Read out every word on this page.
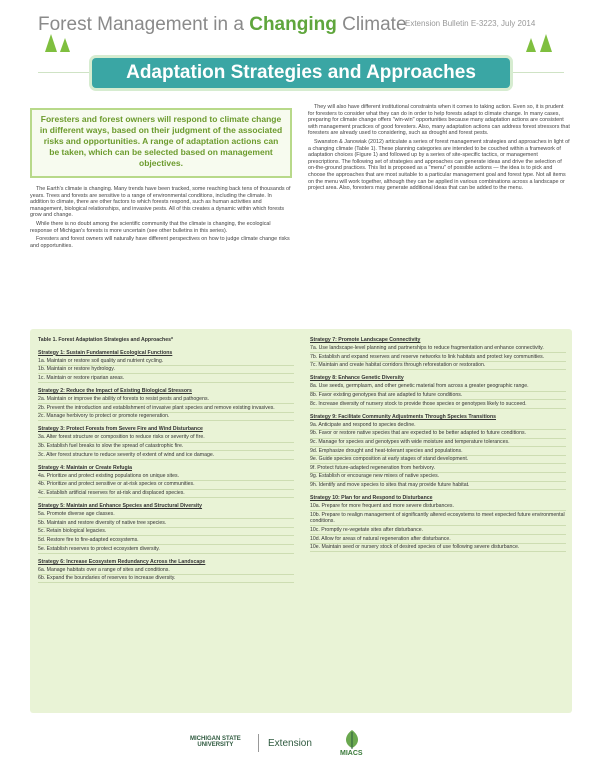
Forest Management in a Changing Climate
Extension Bulletin E-3223, July 2014
Adaptation Strategies and Approaches
Foresters and forest owners will respond to climate change in different ways, based on their judgment of the associated risks and opportunities. A range of adaptation actions can be taken, which can be selected based on management objectives.

The Earth's climate is changing. Many trends have been tracked, some reaching back tens of thousands of years. Trees and forests are sensitive to a range of environmental conditions, including the climate. In addition to climate, there are other factors to which forests respond, such as human activities and management, biological relationships, and invasive pests. All of this creates a dynamic within which forests grow and change.

While there is no doubt among the scientific community that the climate is changing, the ecological response of Michigan's forests is more uncertain (see other bulletins in this series).

Foresters and forest owners will naturally have different perspectives on how to judge climate change risks and opportunities.

They will also have different institutional constraints when it comes to taking action. Even so, it is prudent for foresters to consider what they can do in order to help forests adapt to climate change. In many cases, preparing for climate change offers "win-win" opportunities because many adaptation actions are consistent with management practices of good foresters. Also, many adaptation actions can address forest stressors that foresters are already used to considering, such as drought and forest pests.

Swanston & Janowiak (2012) articulate a series of forest management strategies and approaches in light of a changing climate (Table 1). These planning categories are intended to be couched within a framework of adaptation choices (Figure 1) and followed up by a series of site-specific tactics, or management prescriptions. The following set of strategies and approaches can generate ideas and drive the selection of on-the-ground practices. This list is proposed as a "menu" of possible actions — the idea is to pick and choose the approaches that are most suitable to a particular management goal and forest type. Not all items on the menu will work together, although they can be applied in various combinations across a landscape or project area. Also, foresters may generate additional ideas that can be added to the menu.

Table 1. Forest Adaptation Strategies and Approaches*
Strategy 1: Sustain Fundamental Ecological Functions
1a. Maintain or restore soil quality and nutrient cycling.
1b. Maintain or restore hydrology.
1c. Maintain or restore riparian areas.
Strategy 2: Reduce the Impact of Existing Biological Stressors
2a. Maintain or improve the ability of forests to resist pests and pathogens.
2b. Prevent the introduction and establishment of invasive plant species and remove existing invasives.
2c. Manage herbivory to protect or promote regeneration.
Strategy 3: Protect Forests from Severe Fire and Wind Disturbance
3a. Alter forest structure or composition to reduce risks or severity of fire.
3b. Establish fuel breaks to slow the spread of catastrophic fire.
3c. Alter forest structure to reduce severity of extent of wind and ice damage.
Strategy 4: Maintain or Create Refugia
4a. Prioritize and protect existing populations on unique sites.
4b. Prioritize and protect sensitive or at-risk species or communities.
4c. Establish artificial reserves for at-risk and displaced species.
Strategy 5: Maintain and Enhance Species and Structural Diversity
5a. Promote diverse age classes.
5b. Maintain and restore diversity of native tree species.
5c. Retain biological legacies.
5d. Restore fire to fire-adapted ecosystems.
5e. Establish reserves to protect ecosystem diversity.
Strategy 6: Increase Ecosystem Redundancy Across the Landscape
6a. Manage habitats over a range of sites and conditions.
6b. Expand the boundaries of reserves to increase diversity.
Strategy 7: Promote Landscape Connectivity
7a. Use landscape-level planning and partnerships to reduce fragmentation and enhance connectivity.
7b. Establish and expand reserves and reserve networks to link habitats and protect key communities.
7c. Maintain and create habitat corridors through reforestation or restoration.
Strategy 8: Enhance Genetic Diversity
8a. Use seeds, germplasm, and other genetic material from across a greater geographic range.
8b. Favor existing genotypes that are adapted to future conditions.
8c. Increase diversity of nursery stock to provide those species or genotypes likely to succeed.
Strategy 9: Facilitate Community Adjustments Through Species Transitions
9a. Anticipate and respond to species decline.
9b. Favor or restore native species that are expected to be better adapted to future conditions.
9c. Manage for species and genotypes with wide moisture and temperature tolerances.
9d. Emphasize drought and heat-tolerant species and populations.
9e. Guide species composition at early stages of stand development.
9f. Protect future-adapted regeneration from herbivory.
9g. Establish or encourage new mixes of native species.
9h. Identify and move species to sites that may provide future habitat.
Strategy 10: Plan for and Respond to Disturbance
10a. Prepare for more frequent and more severe disturbances.
10b. Prepare to realign management of significantly altered ecosystems to meet expected future environmental conditions.
10c. Promptly re-vegetate sites after disturbance.
10d. Allow for areas of natural regeneration after disturbance.
10e. Maintain seed or nursery stock of desired species of use following severe disturbance.
MICHIGAN STATE
UNIVERSITY	Extension
MIACS
